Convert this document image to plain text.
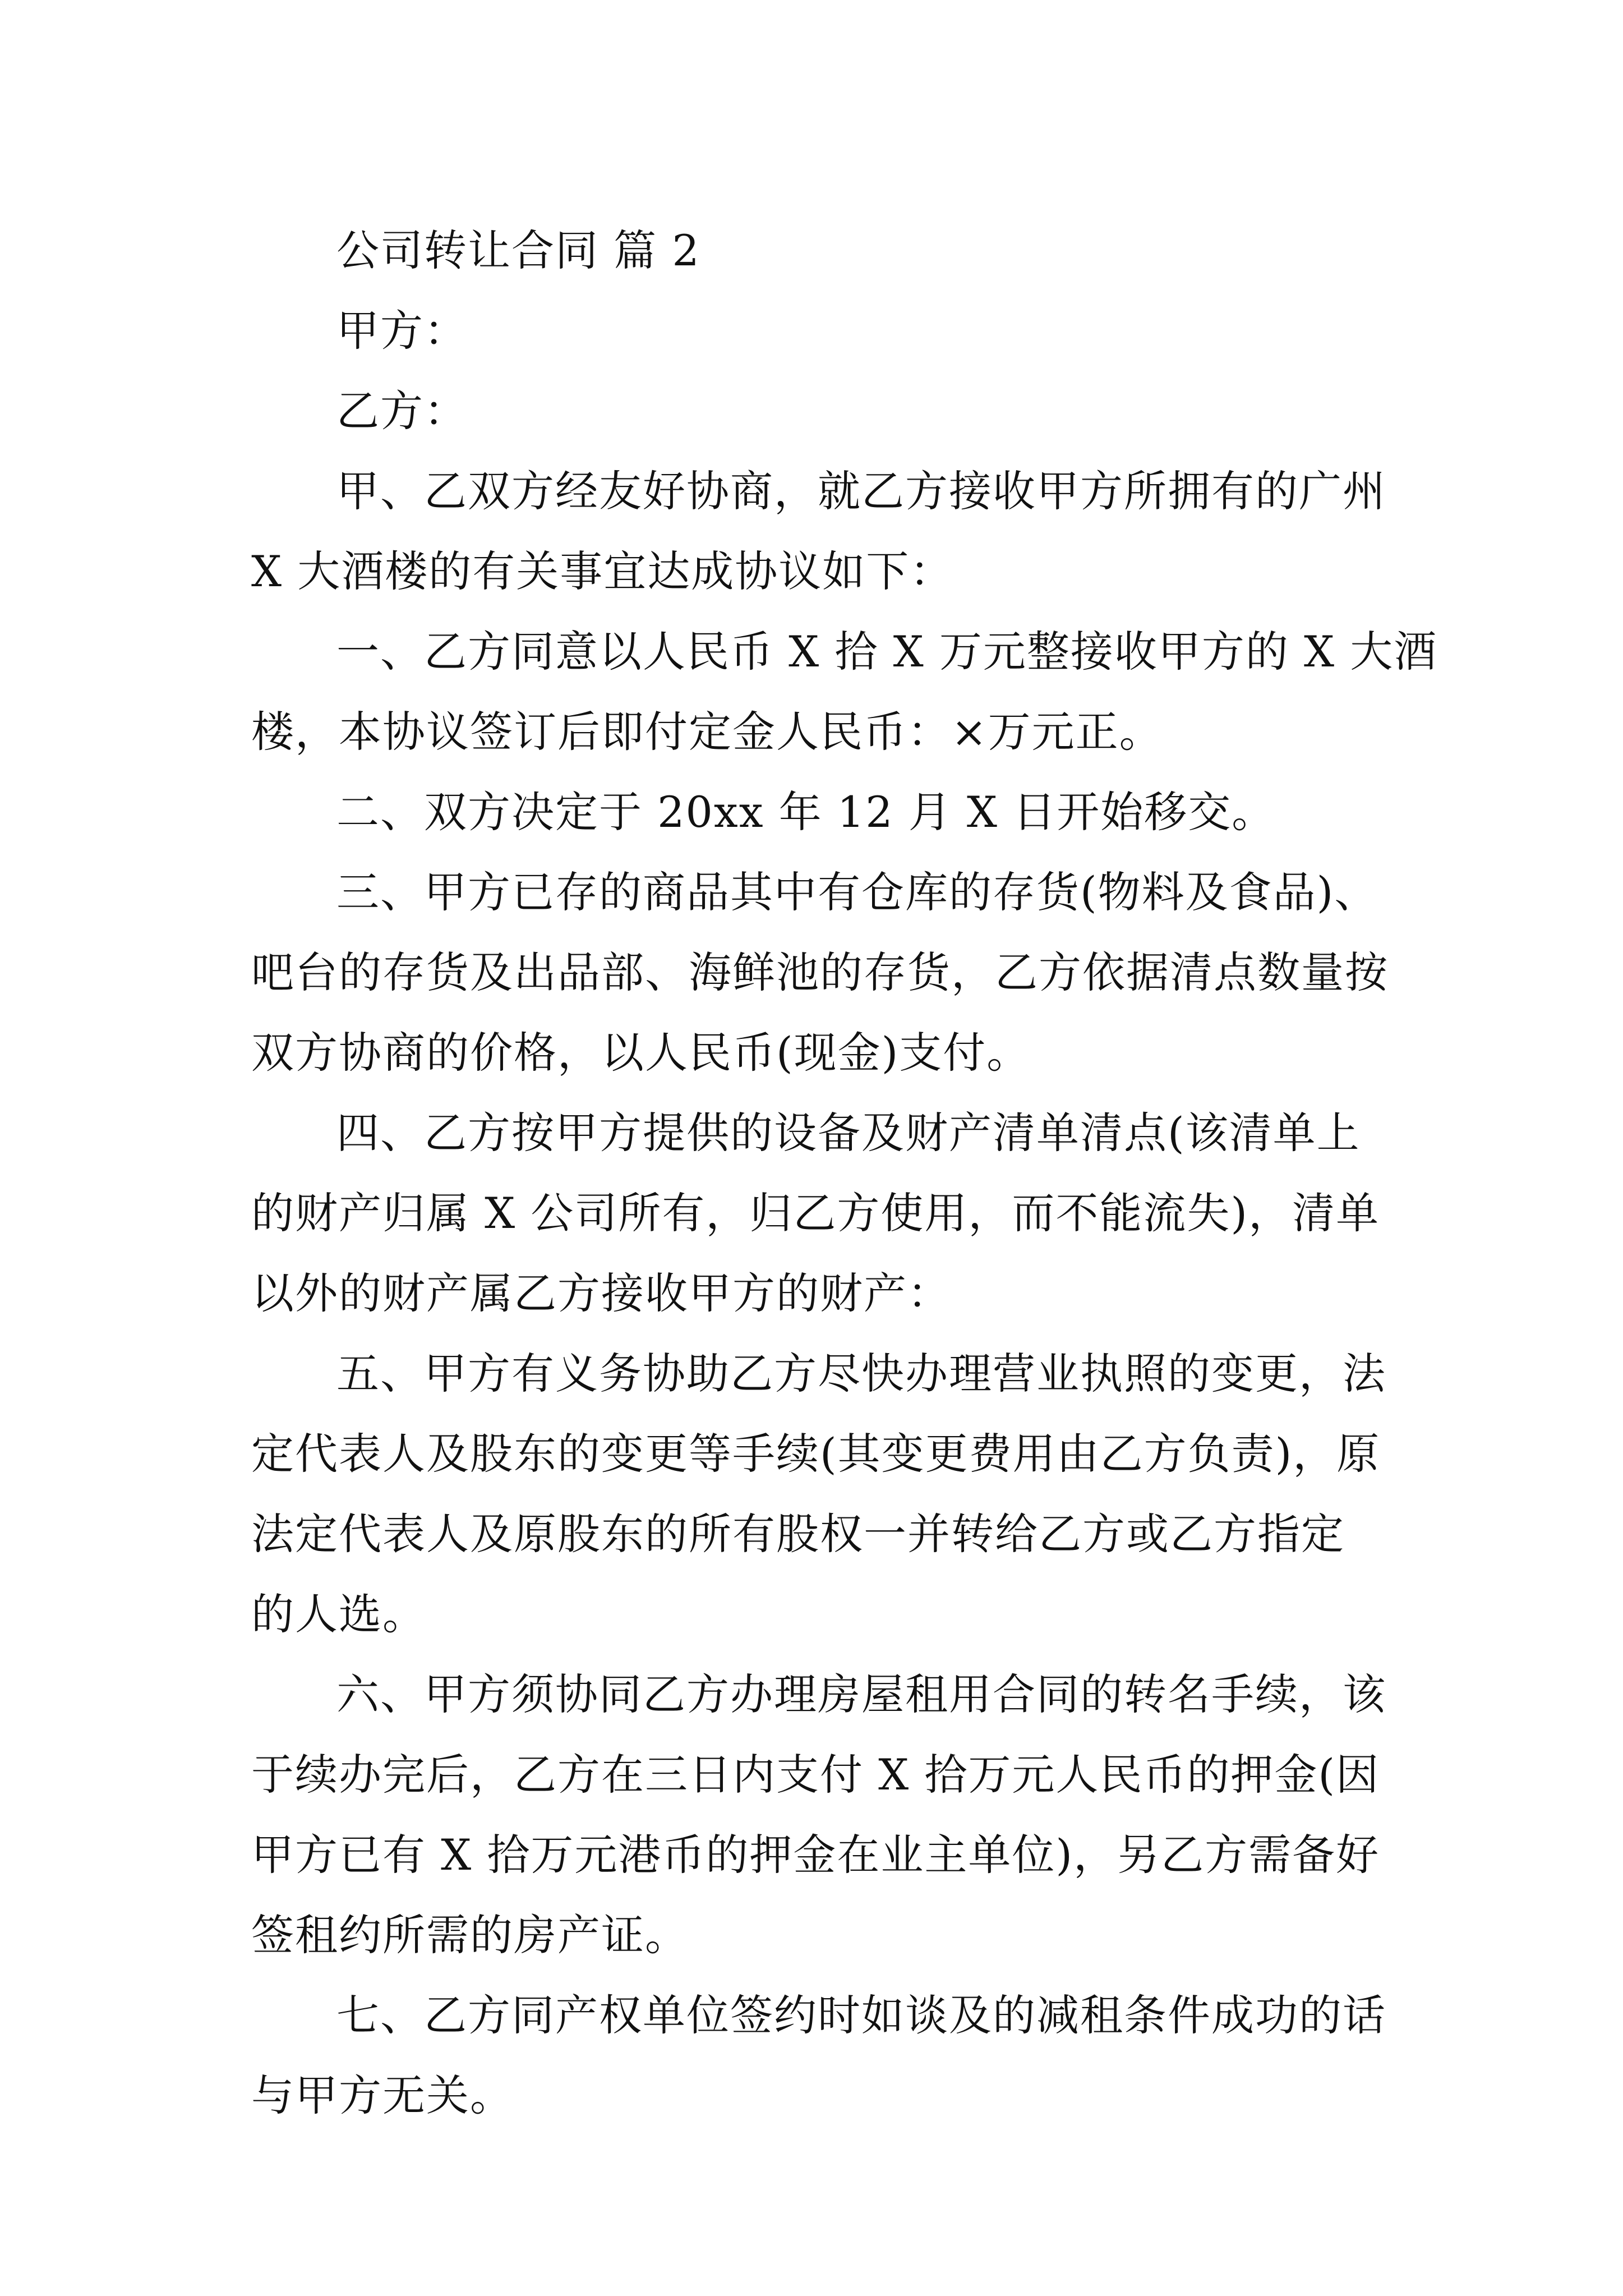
公司转让合同 篇 2
甲方：
乙方：
甲、乙双方经友好协商，就乙方接收甲方所拥有的广州
X 大酒楼的有关事宜达成协议如下：
一、乙方同意以人民币 X 拾 X 万元整接收甲方的 X 大酒
楼，本协议签订后即付定金人民币：×万元正。
二、双方决定于 20xx 年 12 月 X 日开始移交。
三、甲方已存的商品其中有仓库的存货(物料及食品)、
吧台的存货及出品部、海鲜池的存货，乙方依据清点数量按
双方协商的价格，以人民币(现金)支付。
四、乙方按甲方提供的设备及财产清单清点(该清单上
的财产归属 X 公司所有，归乙方使用，而不能流失)，清单
以外的财产属乙方接收甲方的财产：
五、甲方有义务协助乙方尽快办理营业执照的变更，法
定代表人及股东的变更等手续(其变更费用由乙方负责)，原
法定代表人及原股东的所有股权一并转给乙方或乙方指定
的人选。
六、甲方须协同乙方办理房屋租用合同的转名手续，该
于续办完后，乙方在三日内支付 X 拾万元人民币的押金(因
甲方已有 X 拾万元港币的押金在业主单位)，另乙方需备好
签租约所需的房产证。
七、乙方同产权单位签约时如谈及的减租条件成功的话
与甲方无关。
